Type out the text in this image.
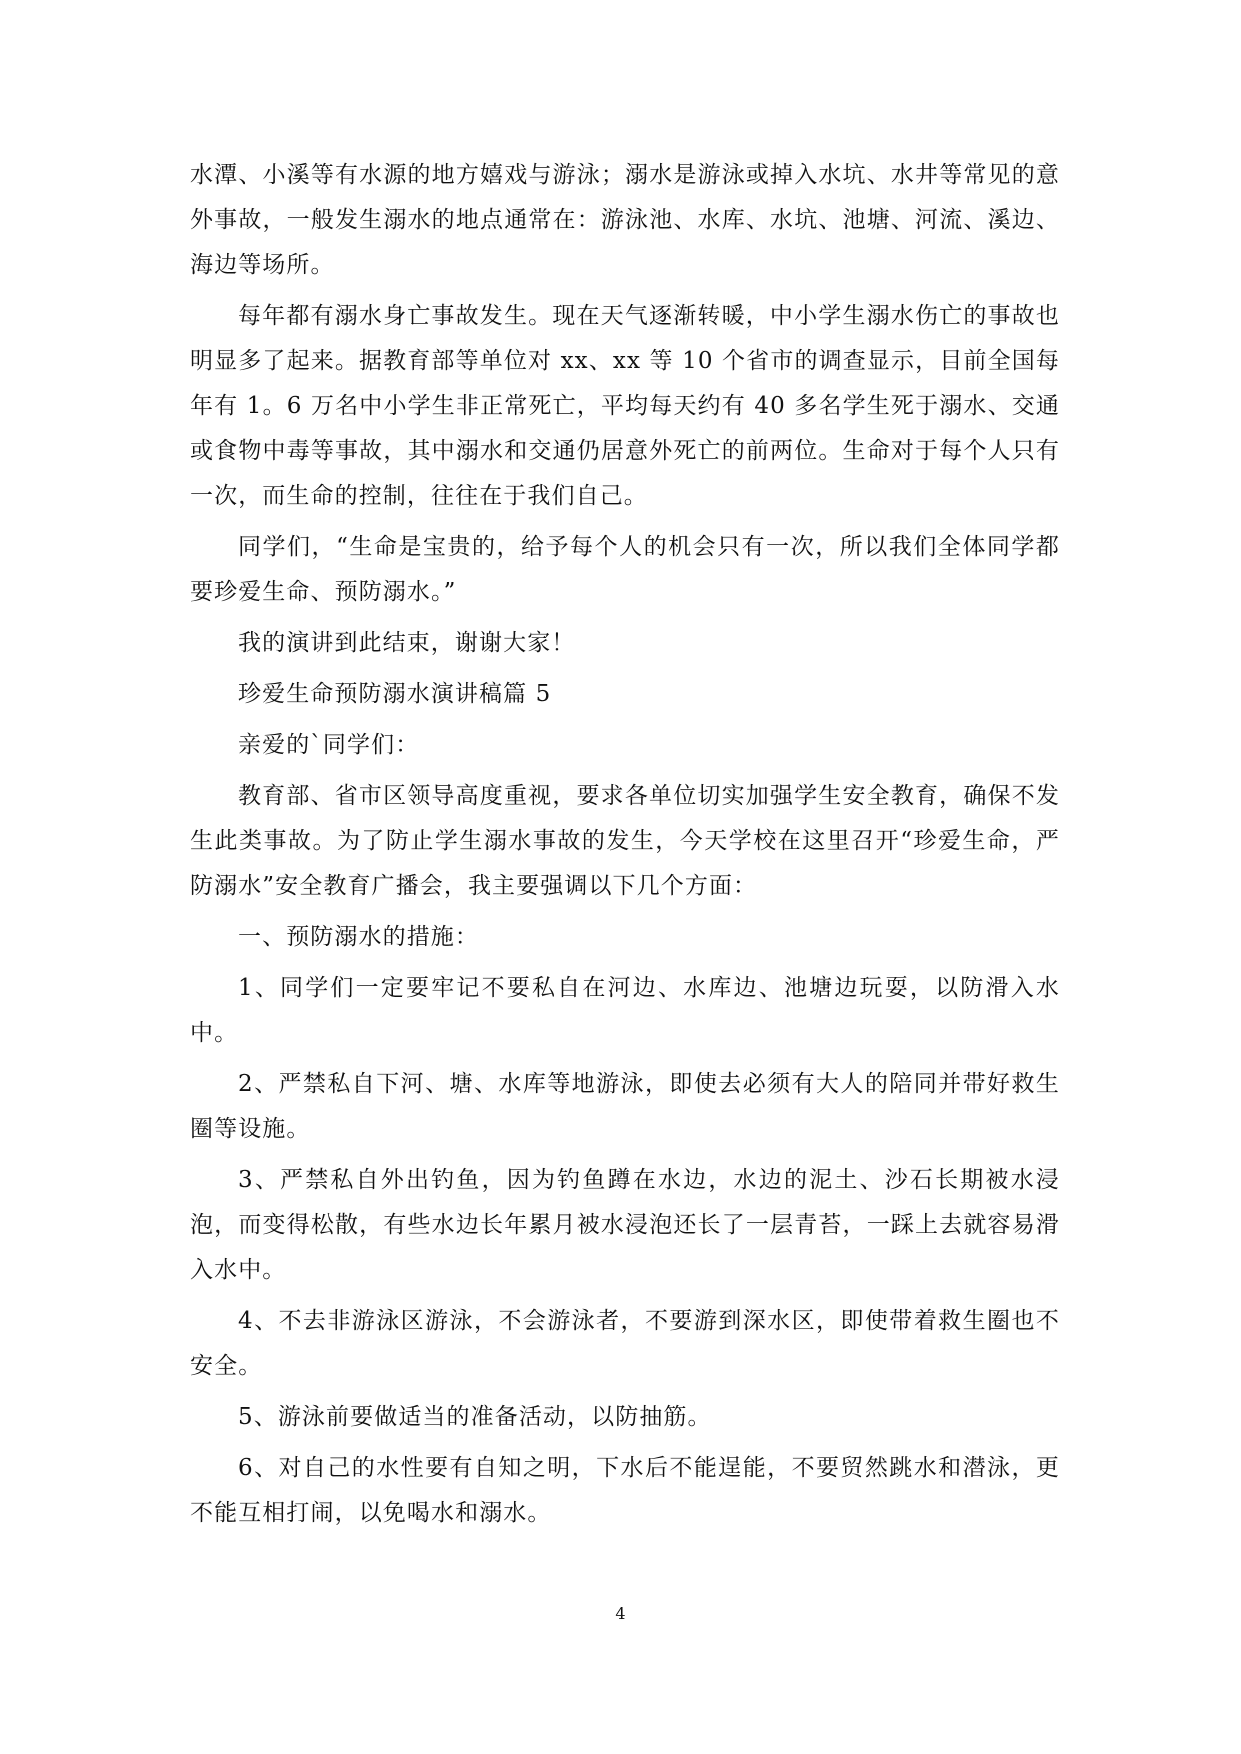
水潭、小溪等有水源的地方嬉戏与游泳；溺水是游泳或掉入水坑、水井等常见的意外事故，一般发生溺水的地点通常在：游泳池、水库、水坑、池塘、河流、溪边、海边等场所。

每年都有溺水身亡事故发生。现在天气逐渐转暖，中小学生溺水伤亡的事故也明显多了起来。据教育部等单位对 xx、xx 等 10 个省市的调查显示，目前全国每年有 1。6 万名中小学生非正常死亡，平均每天约有 40 多名学生死于溺水、交通或食物中毒等事故，其中溺水和交通仍居意外死亡的前两位。生命对于每个人只有一次，而生命的控制，往往在于我们自己。

同学们，“生命是宝贵的，给予每个人的机会只有一次，所以我们全体同学都要珍爱生命、预防溺水。”

我的演讲到此结束，谢谢大家！

珍爱生命预防溺水演讲稿篇 5

亲爱的`同学们：

教育部、省市区领导高度重视，要求各单位切实加强学生安全教育，确保不发生此类事故。为了防止学生溺水事故的发生，今天学校在这里召开“珍爱生命，严防溺水”安全教育广播会，我主要强调以下几个方面：

一、预防溺水的措施：

1、同学们一定要牢记不要私自在河边、水库边、池塘边玩耍，以防滑入水中。

2、严禁私自下河、塘、水库等地游泳，即使去必须有大人的陪同并带好救生圈等设施。

3、严禁私自外出钓鱼，因为钓鱼蹲在水边，水边的泥土、沙石长期被水浸泡，而变得松散，有些水边长年累月被水浸泡还长了一层青苔，一踩上去就容易滑入水中。

4、不去非游泳区游泳，不会游泳者，不要游到深水区，即使带着救生圈也不安全。

5、游泳前要做适当的准备活动，以防抽筋。

6、对自己的水性要有自知之明，下水后不能逞能，不要贸然跳水和潜泳，更不能互相打闹，以免喝水和溺水。

4
